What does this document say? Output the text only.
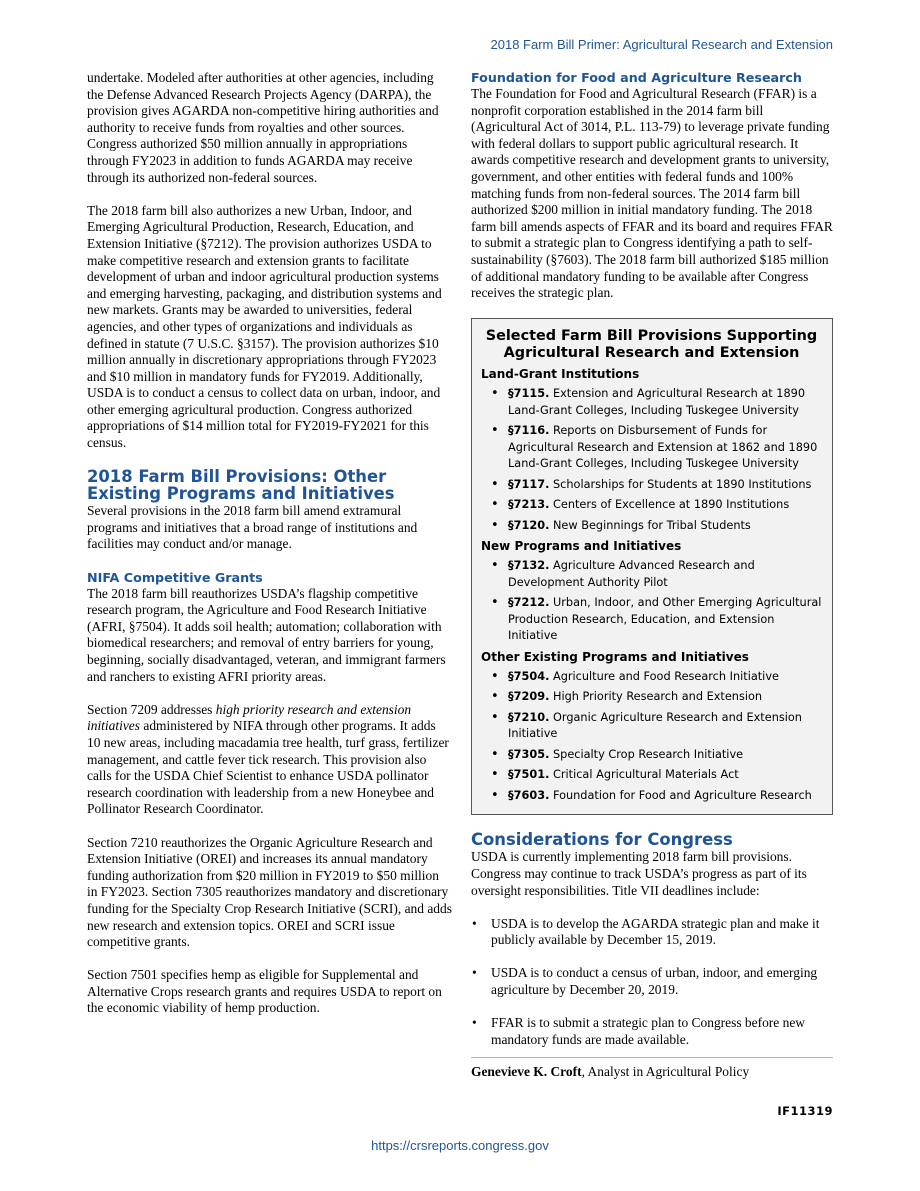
2018 Farm Bill Primer: Agricultural Research and Extension

undertake. Modeled after authorities at other agencies, including the Defense Advanced Research Projects Agency (DARPA), the provision gives AGARDA non-competitive hiring authorities and authority to receive funds from royalties and other sources. Congress authorized $50 million annually in appropriations through FY2023 in addition to funds AGARDA may receive through its authorized non-federal sources.

The 2018 farm bill also authorizes a new Urban, Indoor, and Emerging Agricultural Production, Research, Education, and Extension Initiative (§7212). The provision authorizes USDA to make competitive research and extension grants to facilitate development of urban and indoor agricultural production systems and emerging harvesting, packaging, and distribution systems and new markets. Grants may be awarded to universities, federal agencies, and other types of organizations and individuals as defined in statute (7 U.S.C. §3157). The provision authorizes $10 million annually in discretionary appropriations through FY2023 and $10 million in mandatory funds for FY2019. Additionally, USDA is to conduct a census to collect data on urban, indoor, and other emerging agricultural production. Congress authorized appropriations of $14 million total for FY2019-FY2021 for this census.

2018 Farm Bill Provisions: Other Existing Programs and Initiatives

Several provisions in the 2018 farm bill amend extramural programs and initiatives that a broad range of institutions and facilities may conduct and/or manage.

NIFA Competitive Grants

The 2018 farm bill reauthorizes USDA’s flagship competitive research program, the Agriculture and Food Research Initiative (AFRI, §7504). It adds soil health; automation; collaboration with biomedical researchers; and removal of entry barriers for young, beginning, socially disadvantaged, veteran, and immigrant farmers and ranchers to existing AFRI priority areas.

Section 7209 addresses high priority research and extension initiatives administered by NIFA through other programs. It adds 10 new areas, including macadamia tree health, turf grass, fertilizer management, and cattle fever tick research. This provision also calls for the USDA Chief Scientist to enhance USDA pollinator research coordination with leadership from a new Honeybee and Pollinator Research Coordinator.

Section 7210 reauthorizes the Organic Agriculture Research and Extension Initiative (OREI) and increases its annual mandatory funding authorization from $20 million in FY2019 to $50 million in FY2023. Section 7305 reauthorizes mandatory and discretionary funding for the Specialty Crop Research Initiative (SCRI), and adds new research and extension topics. OREI and SCRI issue competitive grants.

Section 7501 specifies hemp as eligible for Supplemental and Alternative Crops research grants and requires USDA to report on the economic viability of hemp production.

Foundation for Food and Agriculture Research

The Foundation for Food and Agricultural Research (FFAR) is a nonprofit corporation established in the 2014 farm bill (Agricultural Act of 3014, P.L. 113-79) to leverage private funding with federal dollars to support public agricultural research. It awards competitive research and development grants to university, government, and other entities with federal funds and 100% matching funds from non-federal sources. The 2014 farm bill authorized $200 million in initial mandatory funding. The 2018 farm bill amends aspects of FFAR and its board and requires FFAR to submit a strategic plan to Congress identifying a path to self-sustainability (§7603). The 2018 farm bill authorized $185 million of additional mandatory funding to be available after Congress receives the strategic plan.

Selected Farm Bill Provisions Supporting Agricultural Research and Extension
Land-Grant Institutions
• §7115. Extension and Agricultural Research at 1890 Land-Grant Colleges, Including Tuskegee University
• §7116. Reports on Disbursement of Funds for Agricultural Research and Extension at 1862 and 1890 Land-Grant Colleges, Including Tuskegee University
• §7117. Scholarships for Students at 1890 Institutions
• §7213. Centers of Excellence at 1890 Institutions
• §7120. New Beginnings for Tribal Students
New Programs and Initiatives
• §7132. Agriculture Advanced Research and Development Authority Pilot
• §7212. Urban, Indoor, and Other Emerging Agricultural Production Research, Education, and Extension Initiative
Other Existing Programs and Initiatives
• §7504. Agriculture and Food Research Initiative
• §7209. High Priority Research and Extension
• §7210. Organic Agriculture Research and Extension Initiative
• §7305. Specialty Crop Research Initiative
• §7501. Critical Agricultural Materials Act
• §7603. Foundation for Food and Agriculture Research
Considerations for Congress

USDA is currently implementing 2018 farm bill provisions. Congress may continue to track USDA’s progress as part of its oversight responsibilities. Title VII deadlines include:

• USDA is to develop the AGARDA strategic plan and make it publicly available by December 15, 2019.
• USDA is to conduct a census of urban, indoor, and emerging agriculture by December 20, 2019.
• FFAR is to submit a strategic plan to Congress before new mandatory funds are made available.
Genevieve K. Croft, Analyst in Agricultural Policy
IF11319
https://crsreports.congress.gov
